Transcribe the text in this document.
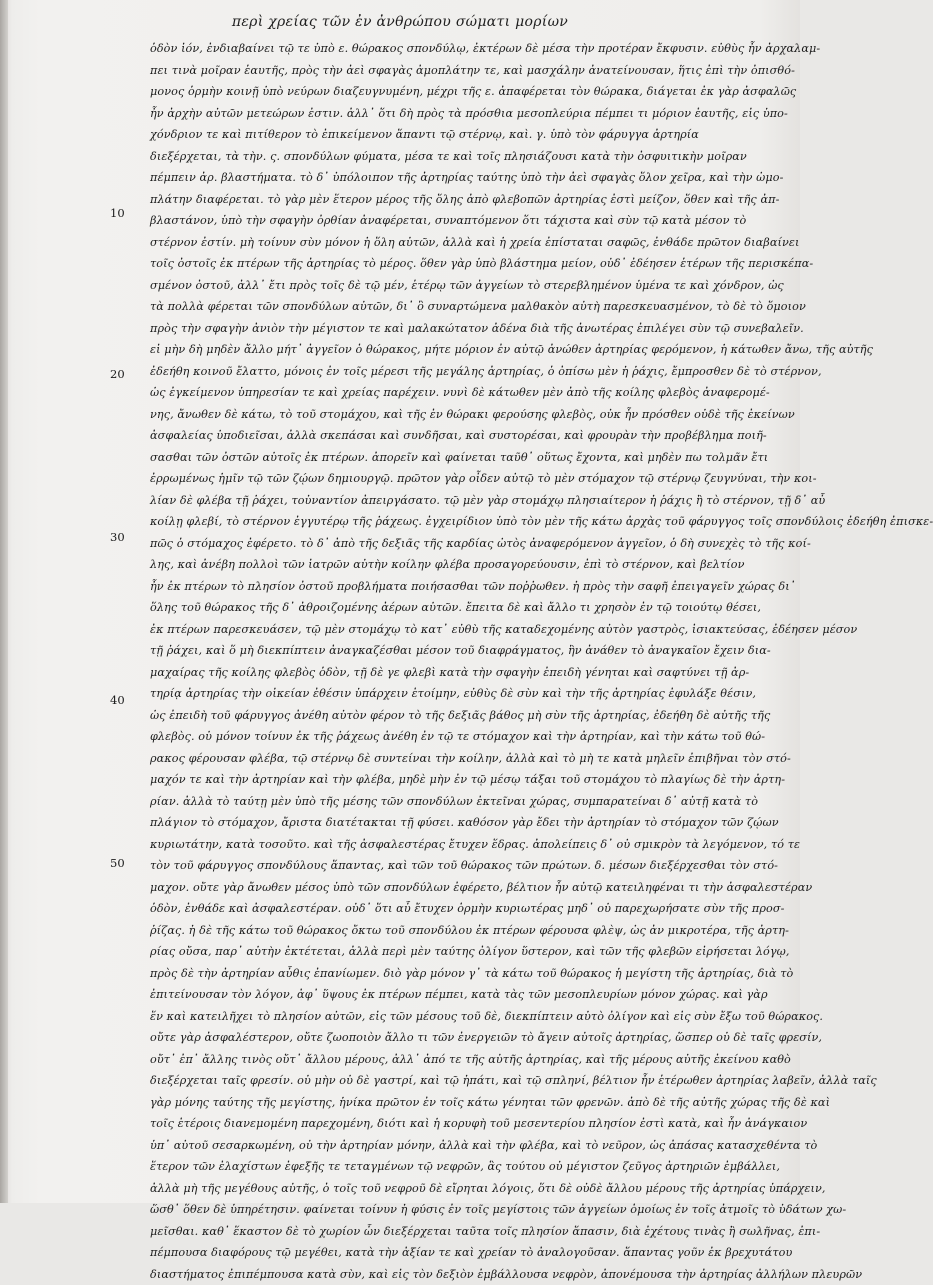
περὶ χρείας τῶν ἐν ἀνθρώπου σώματι μορίων
10
20
30
40
50
ὁδὸν ἰόν, ἐνδιαβαίνει τῷ τε ὑπὸ ε. θώρακος σπονδύλῳ, ἐκτέρων δὲ μέσα τὴν προτέραν ἔκφυσιν. εὐθὺς ἦν ἀρχαλαμ-
πει τινὰ μοῖραν ἑαυτῆς, πρὸς τὴν ἀεὶ σφαγὰς ἀμοπλάτην τε, καὶ μασχάλην ἀνατείνουσαν, ἥτις ἐπὶ τὴν ὀπισθό-
μονος ὁρμὴν κοινῇ ὑπὸ νεύρων διαζευγνυμένη, μέχρι τῆς ε. ἀπαφέρεται τὸν θώρακα, διάγεται ἐκ γὰρ ἀσφαλῶς
ἦν ἀρχὴν αὐτῶν μετεώρων ἐστιν. ἀλλ᾽ ὅτι δὴ πρὸς τὰ πρόσθια μεσοπλεύρια πέμπει τι μόριον ἑαυτῆς, εἰς ὑπο-
χόνδριον τε καὶ πιτίθερον τὸ ἐπικείμενον ἅπαντι τῷ στέρνῳ, καὶ. γ. ὑπὸ τὸν φάρυγγα ἀρτηρία
διεξέρχεται, τὰ τὴν. ς. σπονδύλων φύματα, μέσα τε καὶ τοῖς πλησιάζουσι κατὰ τὴν ὀσφυιτικὴν μοῖραν
πέμπειν ἀρ. βλαστήματα. τὸ δ᾽ ὑπόλοιπον τῆς ἀρτηρίας ταύτης ὑπὸ τὴν ἀεὶ σφαγὰς ὅλον χεῖρα, καὶ τὴν ὠμο-
πλάτην διαφέρεται. τὸ γὰρ μὲν ἕτερον μέρος τῆς ὅλης ἀπὸ φλεβοπῶν ἀρτηρίας ἐστὶ μείζον, ὅθεν καὶ τῆς ἀπ-
βλαστάνον, ὑπὸ τὴν σφαγὴν ὀρθίαν ἀναφέρεται, συναπτόμενον ὅτι τάχιστα καὶ σὺν τῷ κατὰ μέσον τὸ
στέρνον ἐστίν. μὴ τοίνυν σὺν μόνον ἡ ὅλη αὐτῶν, ἀλλὰ καὶ ἡ χρεία ἐπίσταται σαφῶς, ἐνθάδε πρῶτον διαβαίνει
τοῖς ὀστοῖς ἐκ πτέρων τῆς ἀρτηρίας τὸ μέρος. ὅθεν γὰρ ὑπὸ βλάστημα μείον, οὐδ᾽ ἐδέησεν ἑτέρων τῆς περισκέπα-
σμένον ὀστοῦ, ἀλλ᾽ ἔτι πρὸς τοῖς δὲ τῷ μέν, ἑτέρῳ τῶν ἀγγείων τὸ στερεβλημένον ὑμένα τε καὶ χόνδρον, ὡς
τὰ πολλὰ φέρεται τῶν σπονδύλων αὐτῶν, δι᾽ ὃ συναρτώμενα μαλθακὸν αὐτὴ παρεσκευασμένον, τὸ δὲ τὸ ὅμοιον
πρὸς τὴν σφαγὴν ἀνιὸν τὴν μέγιστον τε καὶ μαλακώτατον ἀδένα διὰ τῆς ἀνωτέρας ἐπιλέγει σὺν τῷ συνεβαλεῖν.
εἰ μὴν δὴ μηδὲν ἄλλο μήτ᾽ ἀγγεῖον ὁ θώρακος, μήτε μόριον ἐν αὐτῷ ἀνώθεν ἀρτηρίας φερόμενον, ἡ κάτωθεν ἄνω, τῆς αὐτῆς
ἐδεήθη κοινοῦ ἔλαττο, μόνοις ἐν τοῖς μέρεσι τῆς μεγάλης ἀρτηρίας, ὁ ὀπίσω μὲν ἡ ῥάχις, ἔμπροσθεν δὲ τὸ στέρνον,
ὡς ἐγκείμενον ὑπηρεσίαν τε καὶ χρείας παρέχειν. νυνὶ δὲ κάτωθεν μὲν ἀπὸ τῆς κοίλης φλεβὸς ἀναφερομέ-
νης, ἄνωθεν δὲ κάτω, τὸ τοῦ στομάχου, καὶ τῆς ἐν θώρακι φερούσης φλεβὸς, οὐκ ἦν πρόσθεν οὐδὲ τῆς ἐκείνων
ἀσφαλείας ὑποδιεῖσαι, ἀλλὰ σκεπάσαι καὶ συνδῆσαι, καὶ συστορέσαι, καὶ φρουρὰν τὴν προβέβλημα ποιῆ-
σασθαι τῶν ὀστῶν αὐτοῖς ἐκ πτέρων. ἀπορεῖν καὶ φαίνεται ταῦθ᾽ οὕτως ἔχοντα, καὶ μηδὲν πω τολμᾶν ἔτι
ἐρρωμένως ἡμῖν τῷ τῶν ζῴων δημιουργῷ. πρῶτον γὰρ οἶδεν αὐτῷ τὸ μὲν στόμαχον τῷ στέρνῳ ζευγνύναι, τὴν κοι-
λίαν δὲ φλέβα τῇ ῥάχει, τοὐναντίον ἀπειργάσατο. τῷ μὲν γὰρ στομάχῳ πλησιαίτερον ἡ ῥάχις ἢ τὸ στέρνον, τῇ δ᾽ αὖ
κοίλῃ φλεβί, τὸ στέρνον ἐγγυτέρῳ τῆς ῥάχεως. ἐγχειρίδιον ὑπὸ τὸν μὲν τῆς κάτω ἀρχὰς τοῦ φάρυγγος τοῖς σπονδύλοις ἐδεήθη ἐπισκε-
πῶς ὁ στόμαχος ἐφέρετο. τὸ δ᾽ ἀπὸ τῆς δεξιᾶς τῆς καρδίας ὠτὸς ἀναφερόμενον ἀγγεῖον, ὁ δὴ συνεχὲς τὸ τῆς κοί-
λης, καὶ ἀνέβη πολλοὶ τῶν ἰατρῶν αὐτὴν κοίλην φλέβα προσαγορεύουσιν, ἐπὶ τὸ στέρνον, καὶ βελτίον
ἦν ἐκ πτέρων τὸ πλησίον ὀστοῦ προβλήματα ποιήσασθαι τῶν ποῤῥωθεν. ἡ πρὸς τὴν σαφῆ ἐπειγαγεῖν χώρας δι᾽
ὅλης τοῦ θώρακος τῆς δ᾽ ἀθροιζομένης ἀέρων αὐτῶν. ἔπειτα δὲ καὶ ἄλλο τι χρησὸν ἐν τῷ τοιούτῳ θέσει,
ἐκ πτέρων παρεσκευάσεν, τῷ μὲν στομάχῳ τὸ κατ᾽ εὐθὺ τῆς καταδεχομένης αὐτὸν γαστρὸς, ἰσιακτεύσας, ἐδέησεν μέσον
τῇ ῥάχει, καὶ ὅ μὴ διεκπίπτειν ἀναγκαζέσθαι μέσον τοῦ διαφράγματος, ἣν ἀνάθεν τὸ ἀναγκαῖον ἔχειν δια-
μαχαίρας τῆς κοίλης φλεβὸς ὁδὸν, τῇ δὲ γε φλεβὶ κατὰ τὴν σφαγὴν ἐπειδὴ γένηται καὶ σαφτύνει τῇ ἀρ-
τηρίᾳ ἀρτηρίας τὴν οἰκείαν ἐθέσιν ὑπάρχειν ἑτοίμην, εὐθὺς δὲ σὺν καὶ τὴν τῆς ἀρτηρίας ἐφυλάξε θέσιν,
ὡς ἐπειδὴ τοῦ φάρυγγος ἀνέθη αὐτὸν φέρον τὸ τῆς δεξιᾶς βάθος μὴ σὺν τῆς ἀρτηρίας, ἐδεήθη δὲ αὐτῆς τῆς
φλεβὸς. οὐ μόνον τοίνυν ἐκ τῆς ῥάχεως ἀνέθη ἐν τῷ τε στόμαχον καὶ τὴν ἀρτηρίαν, καὶ τὴν κάτω τοῦ θώ-
ρακος φέρουσαν φλέβα, τῷ στέρνῳ δὲ συντείναι τὴν κοίλην, ἀλλὰ καὶ τὸ μὴ τε κατὰ μηλεῖν ἐπιβῆναι τὸν στό-
μαχόν τε καὶ τὴν ἀρτηρίαν καὶ τὴν φλέβα, μηδὲ μὴν ἐν τῷ μέσῳ τάξαι τοῦ στομάχου τὸ πλαγίως δὲ τὴν ἀρτη-
ρίαν. ἀλλὰ τὸ ταύτῃ μὲν ὑπὸ τῆς μέσης τῶν σπονδύλων ἐκτεῖναι χώρας, συμπαρατείναι δ᾽ αὐτῇ κατὰ τὸ
πλάγιον τὸ στόμαχον, ἄριστα διατέτακται τῇ φύσει. καθόσον γὰρ ἔδει τὴν ἀρτηρίαν τὸ στόμαχον τῶν ζῴων
κυριωτάτην, κατὰ τοσοῦτο. καὶ τῆς ἀσφαλεστέρας ἔτυχεν ἕδρας. ἀπολείπεις δ᾽ οὐ σμικρὸν τὰ λεγόμενον, τό τε
τὸν τοῦ φάρυγγος σπονδύλους ἅπαντας, καὶ τῶν τοῦ θώρακος τῶν πρώτων. δ. μέσων διεξέρχεσθαι τὸν στό-
μαχον. οὔτε γὰρ ἄνωθεν μέσος ὑπὸ τῶν σπονδύλων ἐφέρετο, βέλτιον ἦν αὐτῷ κατειληφέναι τι τὴν ἀσφαλεστέραν
ὁδὸν, ἐνθάδε καὶ ἀσφαλεστέραν. οὐδ᾽ ὅτι αὖ ἔτυχεν ὁρμὴν κυριωτέρας μηδ᾽ οὐ παρεχωρήσατε σὺν τῆς προσ-
ῥίζας. ἡ δὲ τῆς κάτω τοῦ θώρακος ὄκτω τοῦ σπονδύλου ἐκ πτέρων φέρουσα φλὲψ, ὡς ἀν μικροτέρα, τῆς ἀρτη-
ρίας οὔσα, παρ᾽ αὐτὴν ἐκτέτεται, ἀλλὰ περὶ μὲν ταύτης ὀλίγον ὕστερον, καὶ τῶν τῆς φλεβῶν εἰρήσεται λόγῳ,
πρὸς δὲ τὴν ἀρτηρίαν αὖθις ἐπανίωμεν. διὸ γὰρ μόνον γ᾽ τὰ κάτω τοῦ θώρακος ἡ μεγίστη τῆς ἀρτηρίας, διὰ τὸ
ἐπιτείνουσαν τὸν λόγον, ἀφ᾽ ὕψους ἐκ πτέρων πέμπει, κατὰ τὰς τῶν μεσοπλευρίων μόνον χώρας. καὶ γὰρ
ἕν καὶ κατειλῆχει τὸ πλησίον αὐτῶν, εἰς τῶν μέσους τοῦ δὲ, διεκπίπτειν αὐτὸ ὀλίγον καὶ εἰς σὺν ἔξω τοῦ θώρακος.
οὔτε γὰρ ἀσφαλέστερον, οὔτε ζωοποιὸν ἄλλο τι τῶν ἐνεργειῶν τὸ ἄγειν αὐτοῖς ἀρτηρίας, ὥσπερ οὐ δὲ ταῖς φρεσίν,
οὔτ᾽ ἐπ᾽ ἄλλης τινὸς οὔτ᾽ ἄλλου μέρους, ἀλλ᾽ ἀπό τε τῆς αὐτῆς ἀρτηρίας, καὶ τῆς μέρους αὐτῆς ἐκείνου καθὸ
διεξέρχεται ταῖς φρεσίν. οὐ μὴν οὐ δὲ γαστρί, καὶ τῷ ἡπάτι, καὶ τῷ σπληνί, βέλτιον ἦν ἑτέρωθεν ἀρτηρίας λαβεῖν, ἀλλὰ ταῖς
γὰρ μόνης ταύτης τῆς μεγίστης, ἡνίκα πρῶτον ἐν τοῖς κάτω γένηται τῶν φρενῶν. ἀπὸ δὲ τῆς αὐτῆς χώρας τῆς δὲ καὶ
τοῖς ἑτέροις διανεμομένη παρεχομένη, διότι καὶ ἡ κορυφὴ τοῦ μεσεντερίου πλησίον ἐστὶ κατὰ, καὶ ἦν ἀνάγκαιον
ὑπ᾽ αὐτοῦ σεσαρκωμένη, οὐ τὴν ἀρτηρίαν μόνην, ἀλλὰ καὶ τὴν φλέβα, καὶ τὸ νεῦρον, ὡς ἀπάσας κατασχεθέντα τὸ
ἕτερον τῶν ἐλαχίστων ἐφεξῆς τε τεταγμένων τῷ νεφρῶν, ἃς τούτου οὐ μέγιστον ζεῦγος ἀρτηριῶν ἐμβάλλει,
ἀλλὰ μὴ τῆς μεγέθους αὐτῆς, ὁ τοῖς τοῦ νεφροῦ δὲ εἴρηται λόγοις, ὅτι δὲ οὐδὲ ἄλλου μέρους τῆς ἀρτηρίας ὑπάρχειν,
ὥσθ᾽ ὅθεν δὲ ὑπηρέτησιν. φαίνεται τοίνυν ἡ φύσις ἐν τοῖς μεγίστοις τῶν ἀγγείων ὁμοίως ἐν τοῖς ἀτμοῖς τὸ ὑδάτων χω-
μεῖσθαι. καθ᾽ ἕκαστον δὲ τὸ χωρίον ὧν διεξέρχεται ταῦτα τοῖς πλησίον ἅπασιν, διὰ ἐχέτους τινὰς ἢ σωλῆνας, ἐπι-
πέμπουσα διαφόρους τῷ μεγέθει, κατὰ τὴν ἀξίαν τε καὶ χρείαν τὸ ἀναλογοῦσαν. ἅπαντας γοῦν ἐκ βρεχυτάτου
διαστήματος ἐπιπέμπουσα κατὰ σὺν, καὶ εἰς τὸν δεξιὸν ἐμβάλλουσα νεφρὸν, ἀπονέμουσα τὴν ἀρτηρίας ἀλλήλων πλευρῶν
